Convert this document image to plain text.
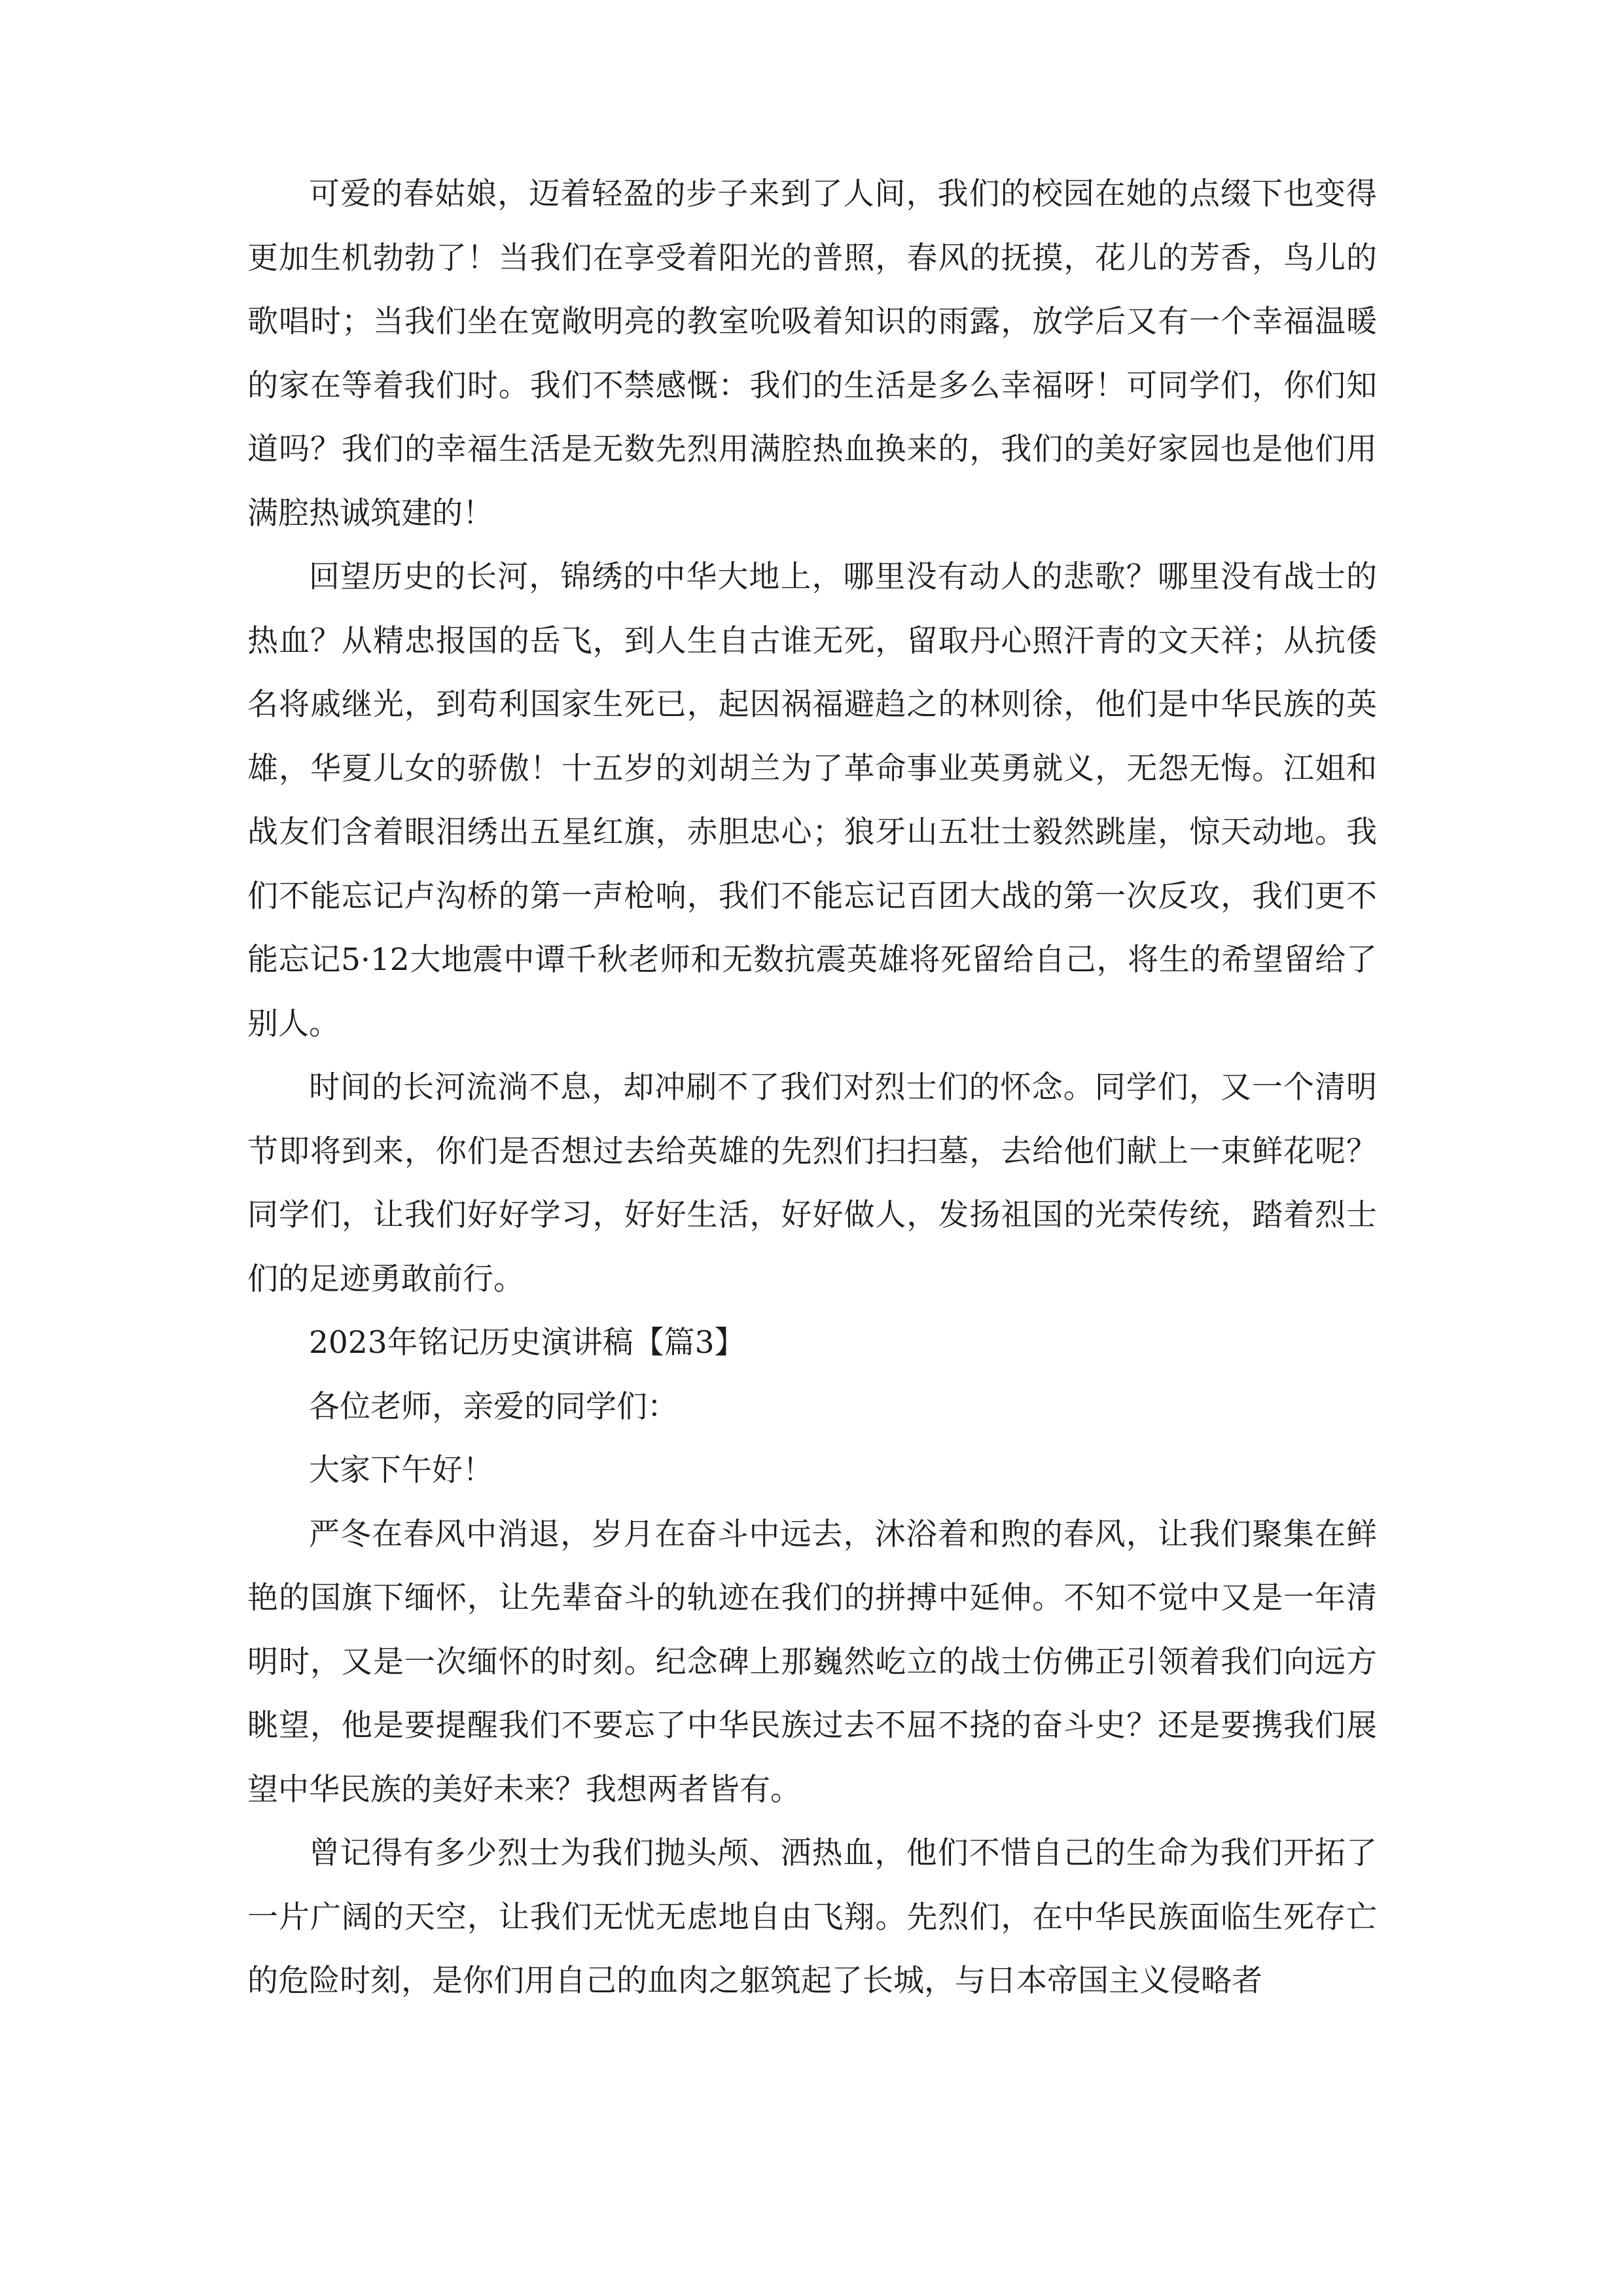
可爱的春姑娘，迈着轻盈的步子来到了人间，我们的校园在她的点缀下也变得更加生机勃勃了！当我们在享受着阳光的普照，春风的抚摸，花儿的芳香，鸟儿的歌唱时；当我们坐在宽敞明亮的教室吮吸着知识的雨露，放学后又有一个幸福温暖的家在等着我们时。我们不禁感慨：我们的生活是多么幸福呀！可同学们，你们知道吗？我们的幸福生活是无数先烈用满腔热血换来的，我们的美好家园也是他们用满腔热诚筑建的！

回望历史的长河，锦绣的中华大地上，哪里没有动人的悲歌？哪里没有战士的热血？从精忠报国的岳飞，到人生自古谁无死，留取丹心照汗青的文天祥；从抗倭名将戚继光，到苟利国家生死已，起因祸福避趋之的林则徐，他们是中华民族的英雄，华夏儿女的骄傲！十五岁的刘胡兰为了革命事业英勇就义，无怨无悔。江姐和战友们含着眼泪绣出五星红旗，赤胆忠心；狼牙山五壮士毅然跳崖，惊天动地。我们不能忘记卢沟桥的第一声枪响，我们不能忘记百团大战的第一次反攻，我们更不能忘记5·12大地震中谭千秋老师和无数抗震英雄将死留给自己，将生的希望留给了别人。

时间的长河流淌不息，却冲刷不了我们对烈士们的怀念。同学们，又一个清明节即将到来，你们是否想过去给英雄的先烈们扫扫墓，去给他们献上一束鲜花呢？同学们，让我们好好学习，好好生活，好好做人，发扬祖国的光荣传统，踏着烈士们的足迹勇敢前行。

2023年铭记历史演讲稿【篇3】

各位老师，亲爱的同学们：

大家下午好！

严冬在春风中消退，岁月在奋斗中远去，沐浴着和煦的春风，让我们聚集在鲜艳的国旗下缅怀，让先辈奋斗的轨迹在我们的拼搏中延伸。不知不觉中又是一年清明时，又是一次缅怀的时刻。纪念碑上那巍然屹立的战士仿佛正引领着我们向远方眺望，他是要提醒我们不要忘了中华民族过去不屈不挠的奋斗史？还是要携我们展望中华民族的美好未来？我想两者皆有。

曾记得有多少烈士为我们抛头颅、洒热血，他们不惜自己的生命为我们开拓了一片广阔的天空，让我们无忧无虑地自由飞翔。先烈们，在中华民族面临生死存亡的危险时刻，是你们用自己的血肉之躯筑起了长城，与日本帝国主义侵略者
